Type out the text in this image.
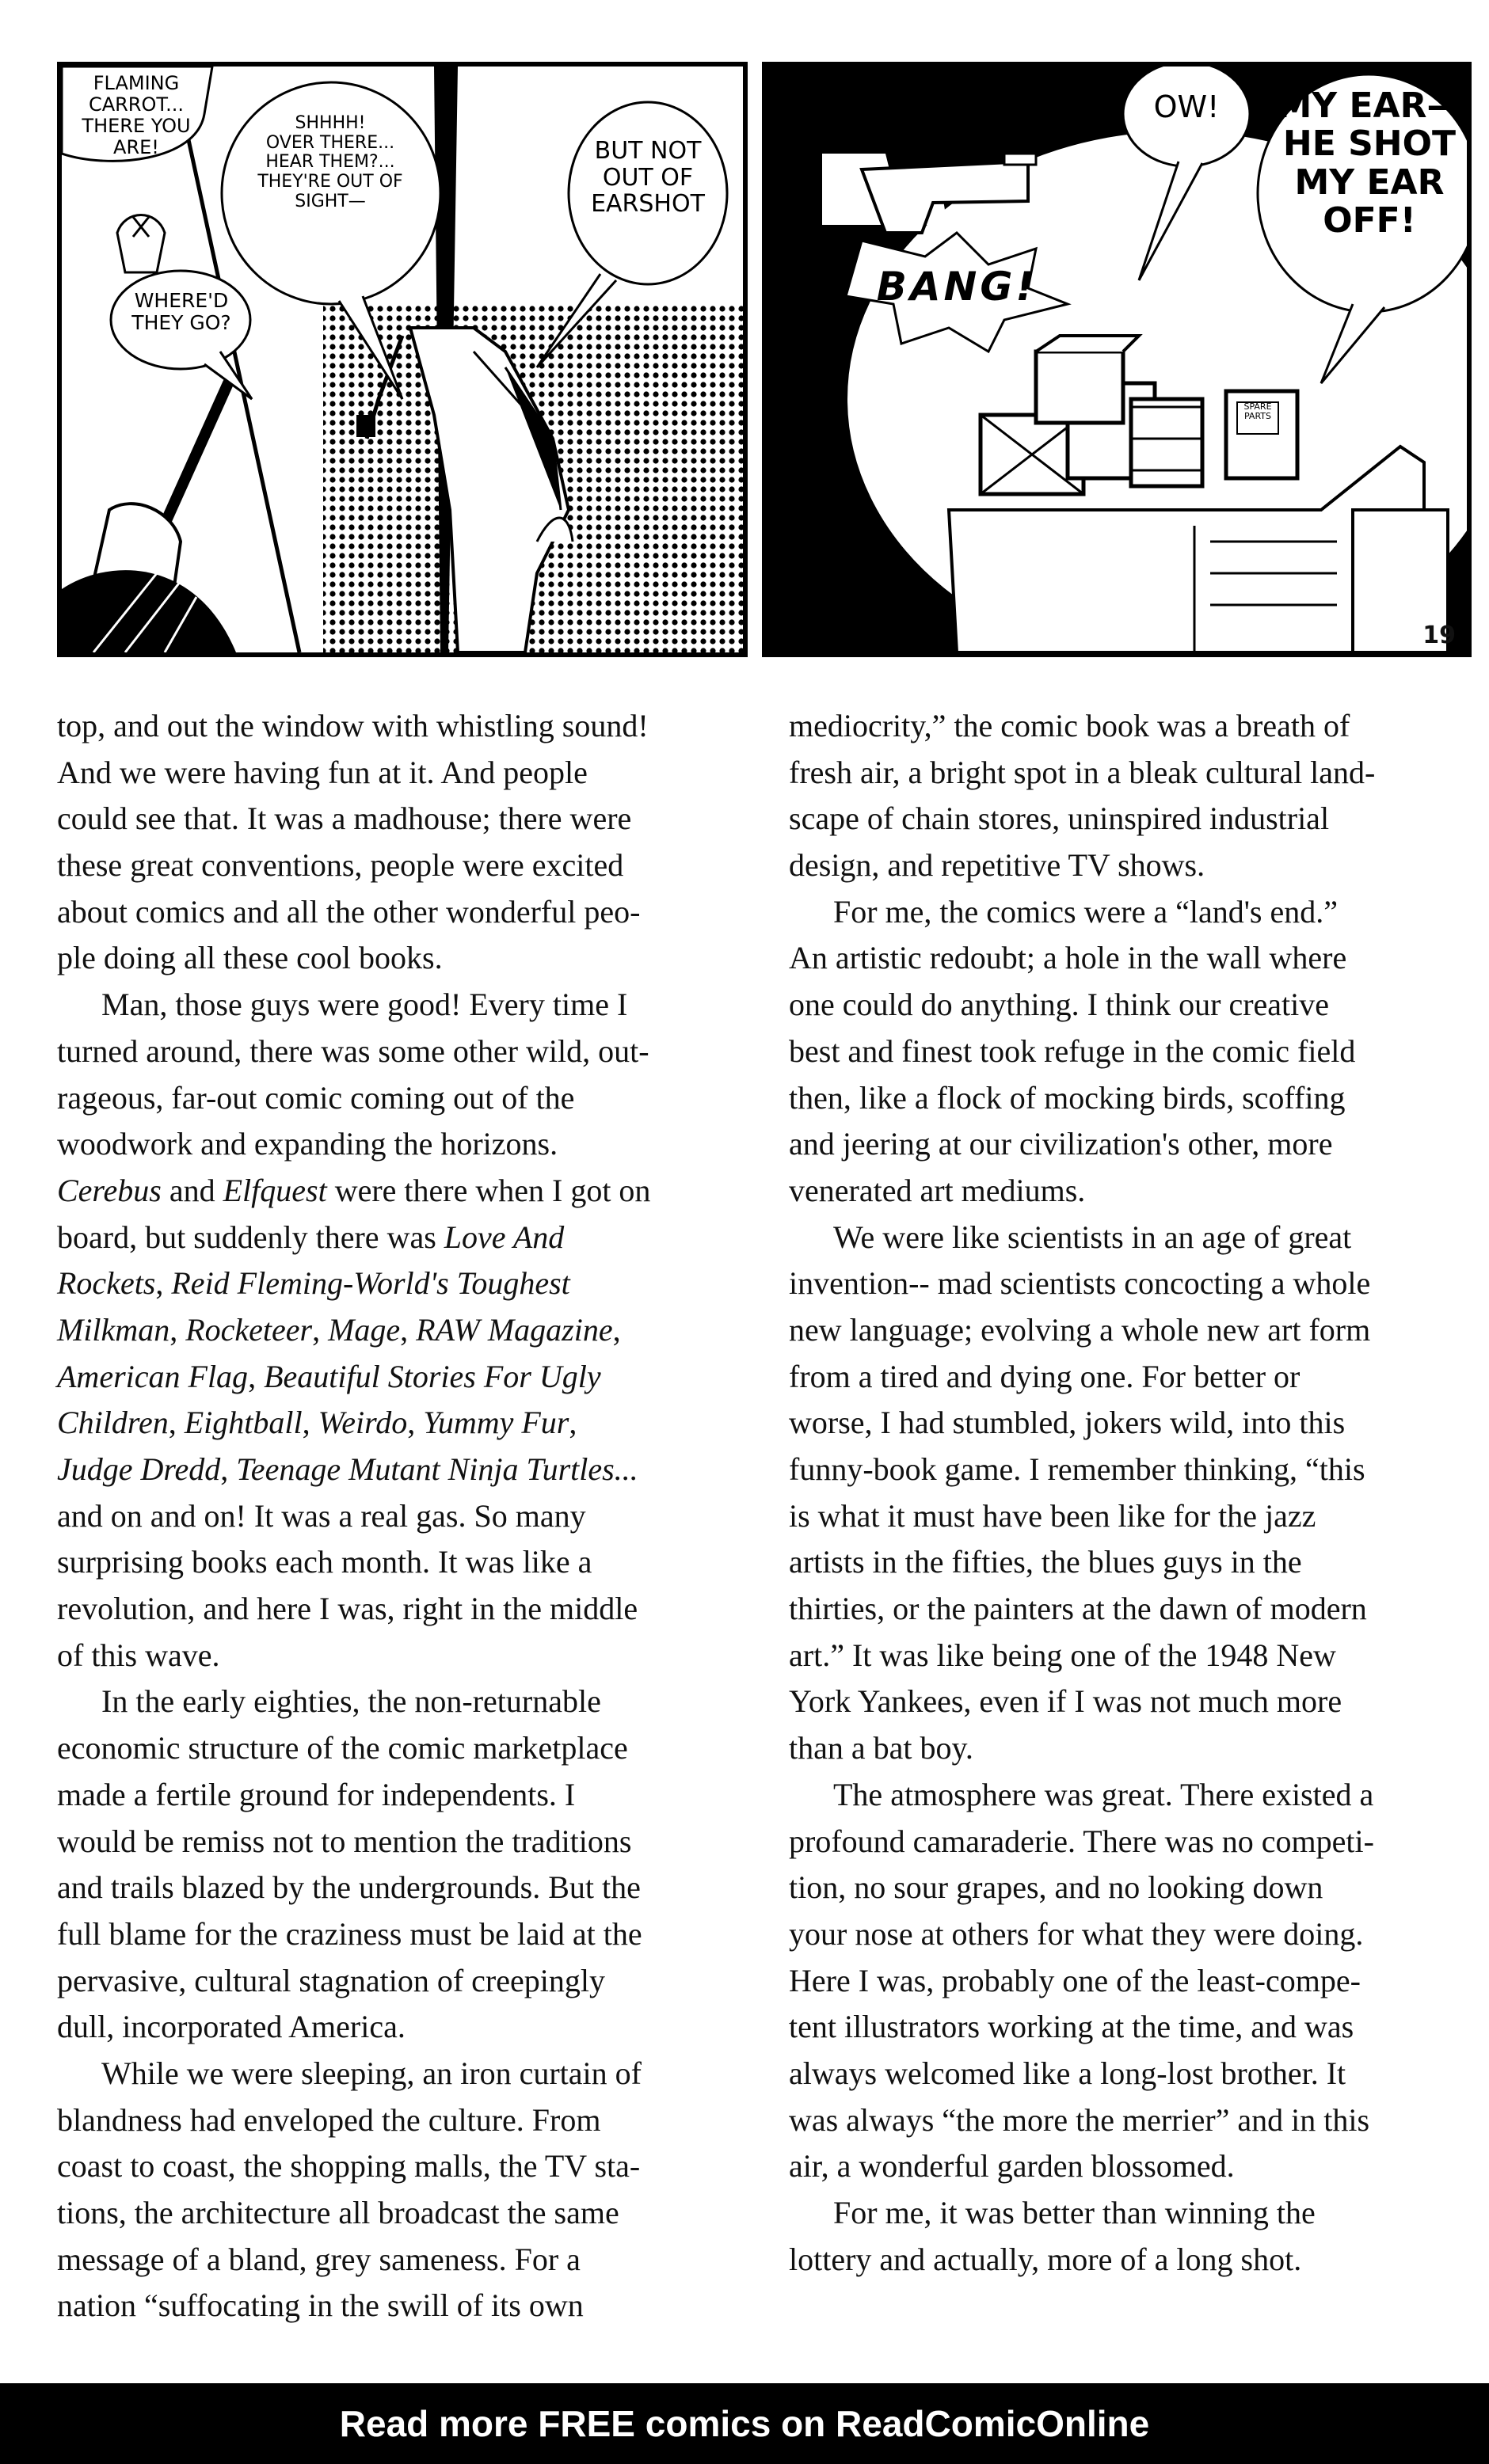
FLAMING
CARROT...
THERE YOU
ARE!
WHERE'D
THEY GO?
SHHHH!
OVER THERE...
HEAR THEM?...
THEY'RE OUT OF
SIGHT—
BUT NOT
OUT OF
EARSHOT
BANG!
OW!	MY EAR—
HE SHOT
MY EAR
OFF!
SPARE
PARTS
19

top, and out the window with whistling sound!
And we were having fun at it. And people
could see that. It was a madhouse; there were
these great conventions, people were excited
about comics and all the other wonderful peo-
ple doing all these cool books.

Man, those guys were good! Every time I
turned around, there was some other wild, out-
rageous, far-out comic coming out of the
woodwork and expanding the horizons.
Cerebus and Elfquest were there when I got on
board, but suddenly there was Love And
Rockets, Reid Fleming-World's Toughest
Milkman, Rocketeer, Mage, RAW Magazine,
American Flag, Beautiful Stories For Ugly
Children, Eightball, Weirdo, Yummy Fur,
Judge Dredd, Teenage Mutant Ninja Turtles...
and on and on! It was a real gas. So many
surprising books each month. It was like a
revolution, and here I was, right in the middle
of this wave.

In the early eighties, the non-returnable
economic structure of the comic marketplace
made a fertile ground for independents. I
would be remiss not to mention the traditions
and trails blazed by the undergrounds. But the
full blame for the craziness must be laid at the
pervasive, cultural stagnation of creepingly
dull, incorporated America.

While we were sleeping, an iron curtain of
blandness had enveloped the culture. From
coast to coast, the shopping malls, the TV sta-
tions, the architecture all broadcast the same
message of a bland, grey sameness. For a
nation “suffocating in the swill of its own

mediocrity,” the comic book was a breath of
fresh air, a bright spot in a bleak cultural land-
scape of chain stores, uninspired industrial
design, and repetitive TV shows.

For me, the comics were a “land's end.”
An artistic redoubt; a hole in the wall where
one could do anything. I think our creative
best and finest took refuge in the comic field
then, like a flock of mocking birds, scoffing
and jeering at our civilization's other, more
venerated art mediums.

We were like scientists in an age of great
invention-- mad scientists concocting a whole
new language; evolving a whole new art form
from a tired and dying one. For better or
worse, I had stumbled, jokers wild, into this
funny-book game. I remember thinking, “this
is what it must have been like for the jazz
artists in the fifties, the blues guys in the
thirties, or the painters at the dawn of modern
art.” It was like being one of the 1948 New
York Yankees, even if I was not much more
than a bat boy.

The atmosphere was great. There existed a
profound camaraderie. There was no competi-
tion, no sour grapes, and no looking down
your nose at others for what they were doing.
Here I was, probably one of the least-compe-
tent illustrators working at the time, and was
always welcomed like a long-lost brother. It
was always “the more the merrier” and in this
air, a wonderful garden blossomed.

For me, it was better than winning the
lottery and actually, more of a long shot.

Read more FREE comics on ReadComicOnline
